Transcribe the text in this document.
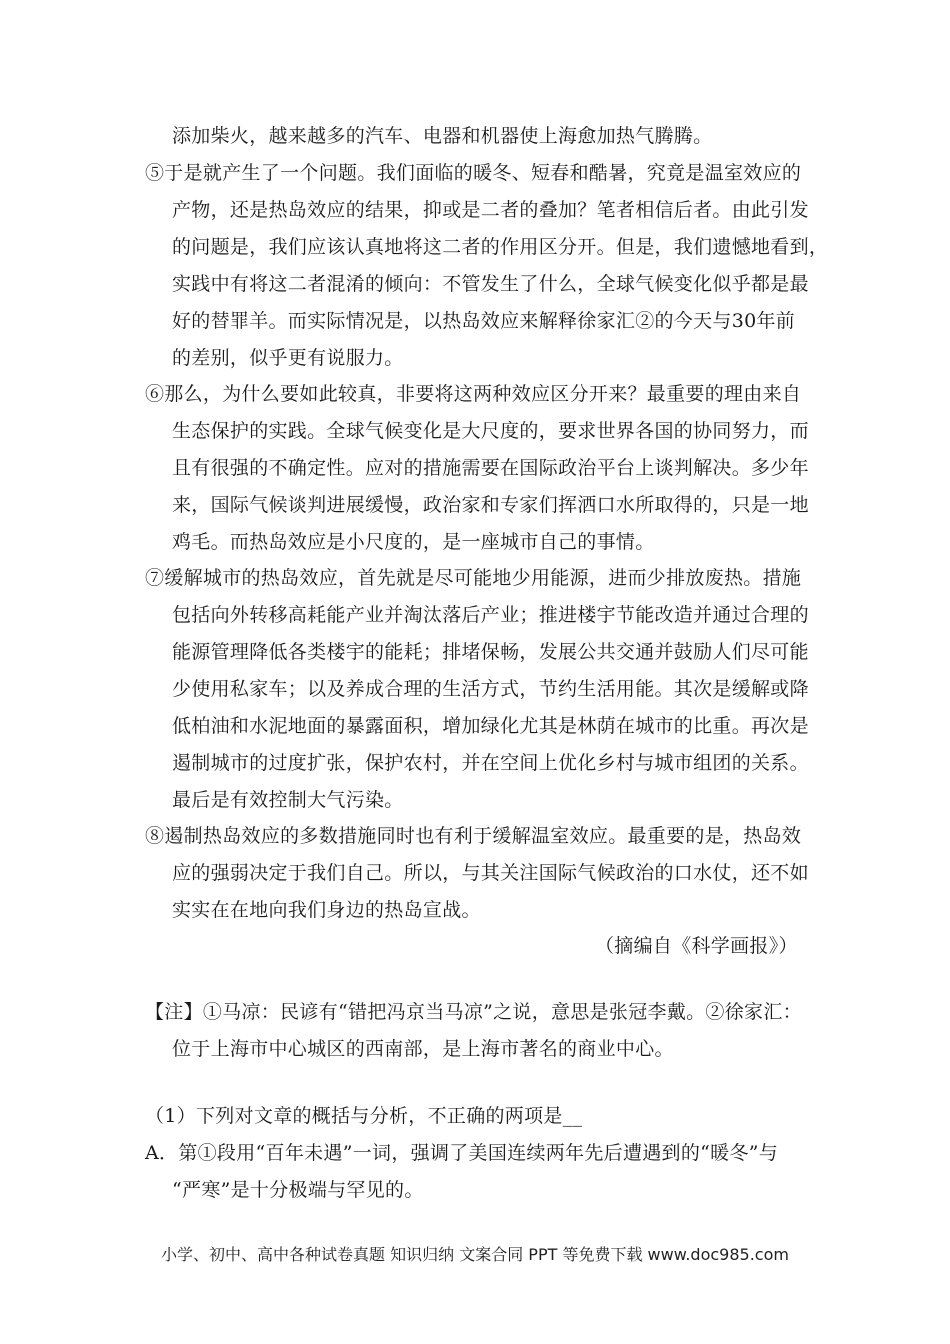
添加柴火，越来越多的汽车、电器和机器使上海愈加热气腾腾。
⑤于是就产生了一个问题。我们面临的暖冬、短春和酷暑，究竟是温室效应的
产物，还是热岛效应的结果，抑或是二者的叠加？笔者相信后者。由此引发
的问题是，我们应该认真地将这二者的作用区分开。但是，我们遗憾地看到，
实践中有将这二者混淆的倾向：不管发生了什么，全球气候变化似乎都是最
好的替罪羊。而实际情况是，以热岛效应来解释徐家汇②的今天与30年前
的差别，似乎更有说服力。
⑥那么，为什么要如此较真，非要将这两种效应区分开来？最重要的理由来自
生态保护的实践。全球气候变化是大尺度的，要求世界各国的协同努力，而
且有很强的不确定性。应对的措施需要在国际政治平台上谈判解决。多少年
来，国际气候谈判进展缓慢，政治家和专家们挥洒口水所取得的，只是一地
鸡毛。而热岛效应是小尺度的，是一座城市自己的事情。
⑦缓解城市的热岛效应，首先就是尽可能地少用能源，进而少排放废热。措施
包括向外转移高耗能产业并淘汰落后产业；推进楼宇节能改造并通过合理的
能源管理降低各类楼宇的能耗；排堵保畅，发展公共交通并鼓励人们尽可能
少使用私家车；以及养成合理的生活方式，节约生活用能。其次是缓解或降
低柏油和水泥地面的暴露面积，增加绿化尤其是林荫在城市的比重。再次是
遏制城市的过度扩张，保护农村，并在空间上优化乡村与城市组团的关系。
最后是有效控制大气污染。
⑧遏制热岛效应的多数措施同时也有利于缓解温室效应。最重要的是，热岛效
应的强弱决定于我们自己。所以，与其关注国际气候政治的口水仗，还不如
实实在在地向我们身边的热岛宣战。
（摘编自《科学画报》）
【注】①马凉：民谚有“错把冯京当马凉”之说，意思是张冠李戴。②徐家汇：
位于上海市中心城区的西南部，是上海市著名的商业中心。
（1）下列对文章的概括与分析，不正确的两项是__
A．第①段用“百年未遇”一词，强调了美国连续两年先后遭遇到的“暖冬”与
“严寒”是十分极端与罕见的。
小学、初中、高中各种试卷真题 知识归纳 文案合同 PPT 等免费下载 www.doc985.com
